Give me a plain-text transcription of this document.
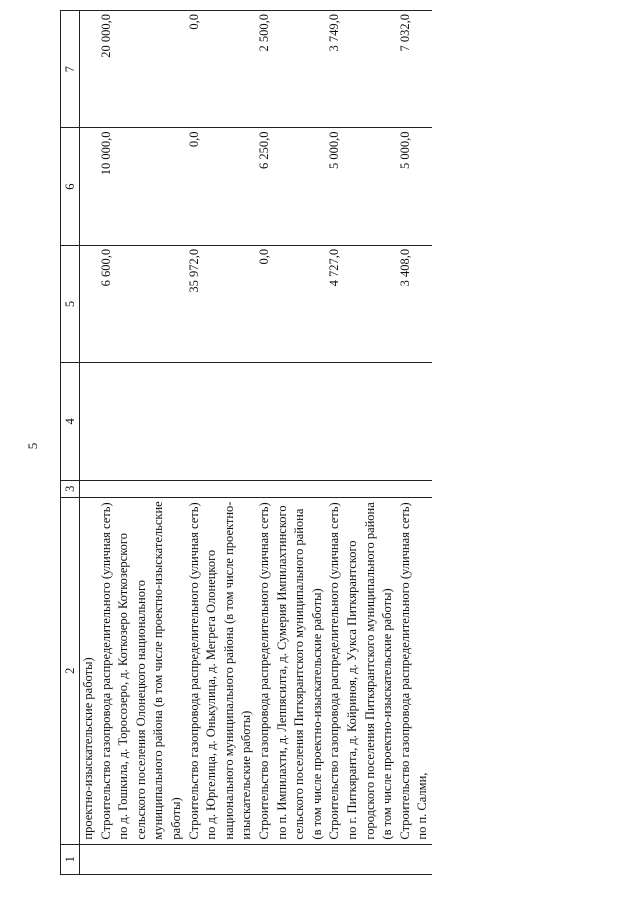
5
1	2	3	4	5	6	7
	проектно-изыскательские работы)					
	Строительство газопровода распределительного (уличная сеть) по д. Гошкила, д. Торосозеро, д. Коткозеро Коткозерского сельского поселения Олонецкого национального муниципального района (в том числе проектно-изыскательские работы)			6 600,0	10 000,0	20 000,0
	Строительство газопровода распределительного (уличная сеть) по д. Юргелица, д. Онькулица, д. Мегрега Олонецкого национального муниципального района (в том числе проектно-изыскательские работы)			35 972,0	0,0	0,0
	Строительство газопровода распределительного (уличная сеть) по п. Импилахти, д. Леппясилта, д. Сумерия Импилахтинского сельского поселения Питкярантского муниципального района (в том числе проектно-изыскательские работы)			0,0	6 250,0	2 500,0
	Строительство газопровода распределительного (уличная сеть) по г. Питкяранта, д. Койриноя, д. Уукса Питкярантского городского поселения Питкярантского муниципального района (в том числе проектно-изыскательские работы)			4 727,0	5 000,0	3 749,0
	Строительство газопровода распределительного (уличная сеть) по п. Салми,			3 408,0	5 000,0	7 032,0
